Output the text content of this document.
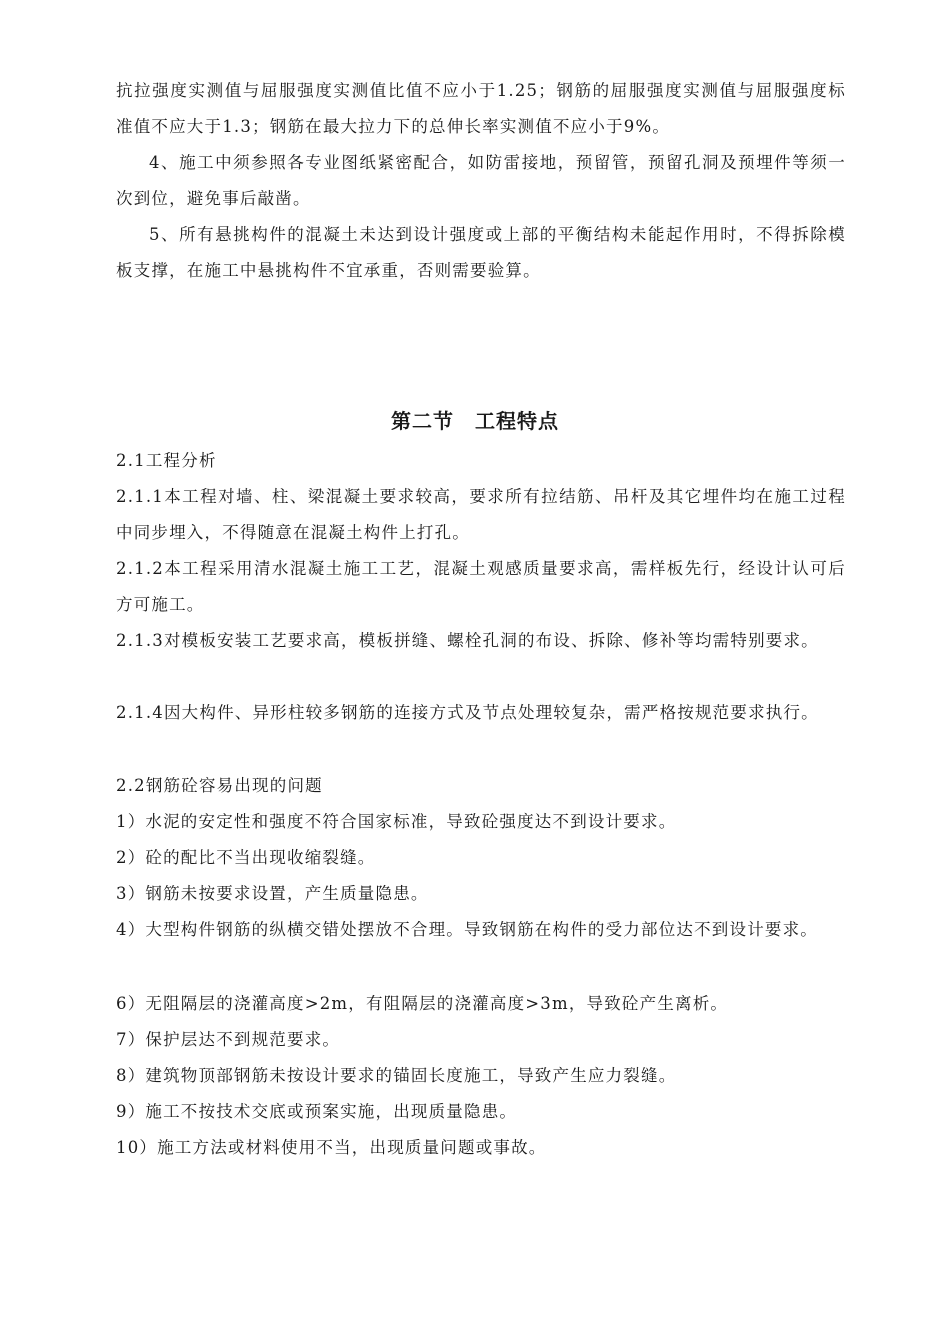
抗拉强度实测值与屈服强度实测值比值不应小于1.25；钢筋的屈服强度实测值与屈服强度标准值不应大于1.3；钢筋在最大拉力下的总伸长率实测值不应小于9%。

4、施工中须参照各专业图纸紧密配合，如防雷接地，预留管，预留孔洞及预埋件等须一次到位，避免事后敲凿。

5、所有悬挑构件的混凝土未达到设计强度或上部的平衡结构未能起作用时，不得拆除模板支撑，在施工中悬挑构件不宜承重，否则需要验算。

第二节　工程特点

2.1工程分析

2.1.1本工程对墙、柱、梁混凝土要求较高，要求所有拉结筋、吊杆及其它埋件均在施工过程中同步埋入，不得随意在混凝土构件上打孔。

2.1.2本工程采用清水混凝土施工工艺，混凝土观感质量要求高，需样板先行，经设计认可后方可施工。

2.1.3对模板安装工艺要求高，模板拼缝、螺栓孔洞的布设、拆除、修补等均需特别要求。

2.1.4因大构件、异形柱较多钢筋的连接方式及节点处理较复杂，需严格按规范要求执行。

2.2钢筋砼容易出现的问题

1）水泥的安定性和强度不符合国家标准，导致砼强度达不到设计要求。

2）砼的配比不当出现收缩裂缝。

3）钢筋未按要求设置，产生质量隐患。

4）大型构件钢筋的纵横交错处摆放不合理。导致钢筋在构件的受力部位达不到设计要求。

6）无阻隔层的浇灌高度>2m，有阻隔层的浇灌高度>3m，导致砼产生离析。

7）保护层达不到规范要求。

8）建筑物顶部钢筋未按设计要求的锚固长度施工，导致产生应力裂缝。

9）施工不按技术交底或预案实施，出现质量隐患。

10）施工方法或材料使用不当，出现质量问题或事故。
